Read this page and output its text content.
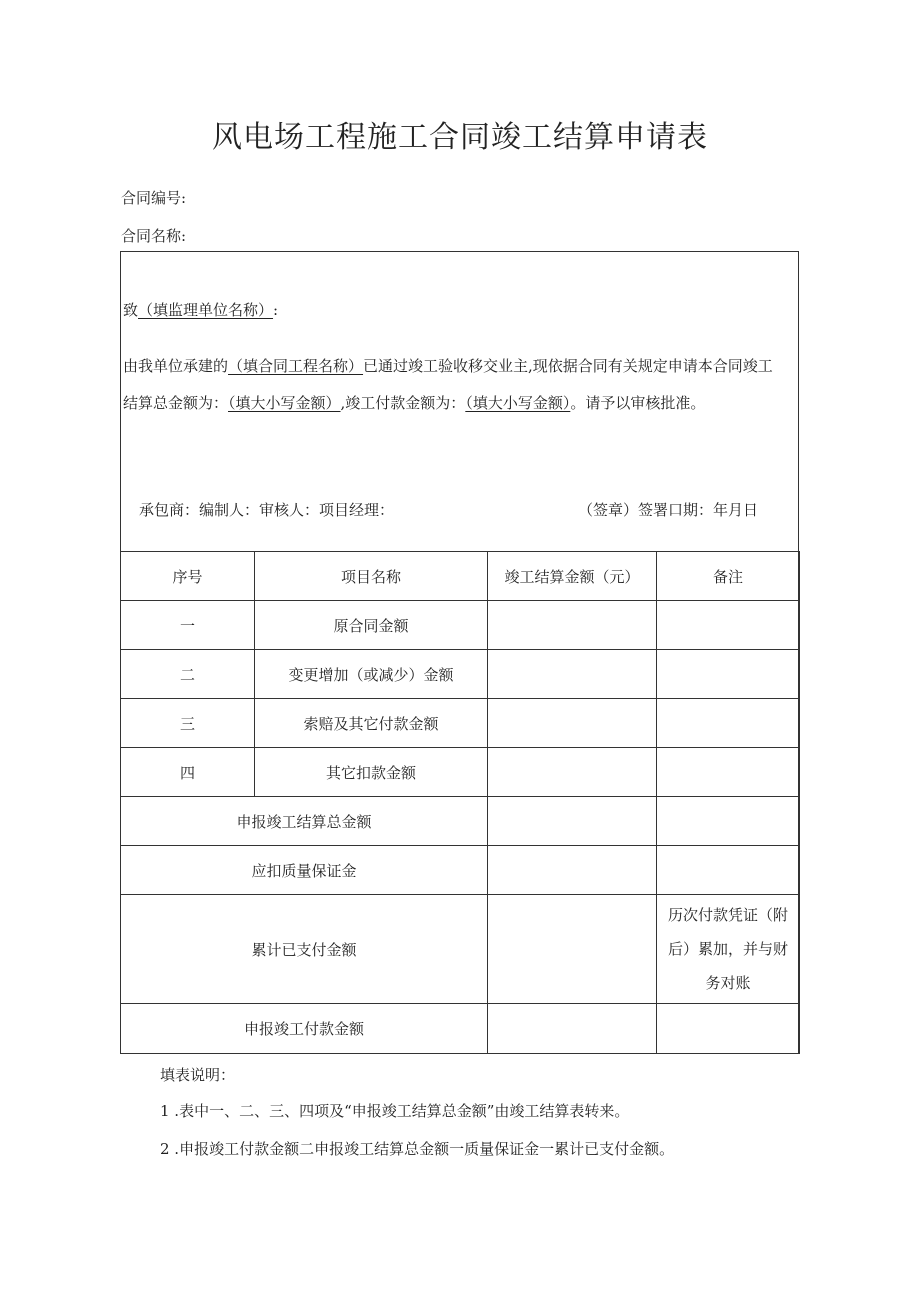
风电场工程施工合同竣工结算申请表
合同编号:
合同名称:
致（填监理单位名称）:
由我单位承建的（填合同工程名称）已通过竣工验收移交业主,现依据合同有关规定申请本合同竣工
结算总金额为：（填大小写金额）,竣工付款金额为：（填大小写金额）。请予以审核批准。
承包商：编制人：审核人：项目经理：	（签章）签署口期：年月日
序号	项目名称	竣工结算金额（元）	备注
一	原合同金额		
二	变更增加（或减少）金额		
三	索赔及其它付款金额		
四	其它扣款金额		
申报竣工结算总金额			
应扣质量保证金			
累计已支付金额			历次付款凭证（附后）累加，并与财务对账
申报竣工付款金额			
填表说明：
1 .表中一、二、三、四项及“申报竣工结算总金额”由竣工结算表转来。
2 .申报竣工付款金额二申报竣工结算总金额一质量保证金一累计已支付金额。
